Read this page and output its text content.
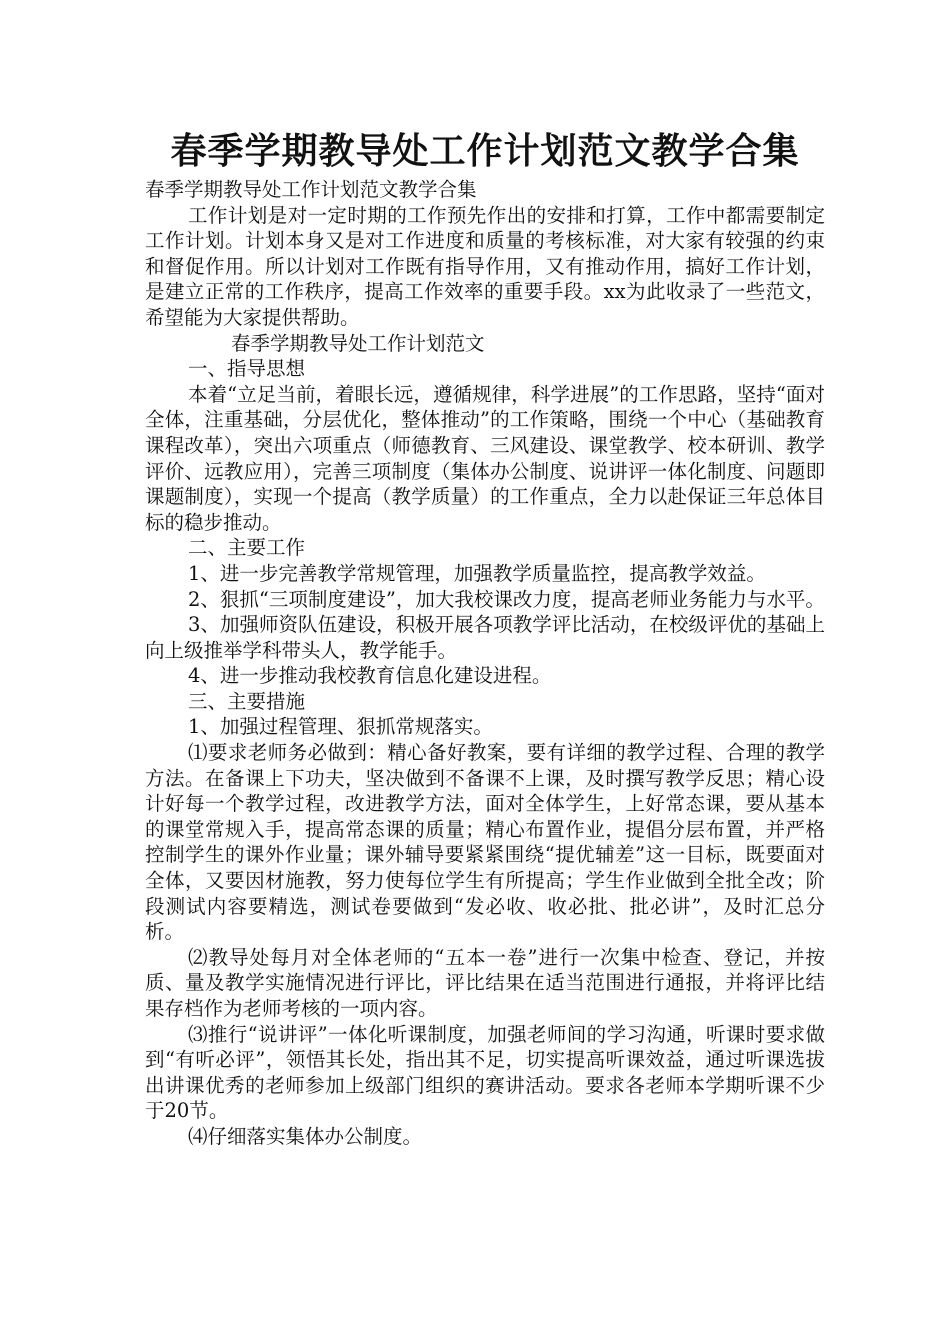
春季学期教导处工作计划范文教学合集

春季学期教导处工作计划范文教学合集

工作计划是对一定时期的工作预先作出的安排和打算，工作中都需要制定工作计划。计划本身又是对工作进度和质量的考核标准，对大家有较强的约束和督促作用。所以计划对工作既有指导作用，又有推动作用，搞好工作计划，是建立正常的工作秩序，提高工作效率的重要手段。xx为此收录了一些范文，希望能为大家提供帮助。

春季学期教导处工作计划范文

一、指导思想

本着“立足当前，着眼长远，遵循规律，科学进展”的工作思路，坚持“面对全体，注重基础，分层优化，整体推动”的工作策略，围绕一个中心（基础教育课程改革），突出六项重点（师德教育、三风建设、课堂教学、校本研训、教学评价、远教应用），完善三项制度（集体办公制度、说讲评一体化制度、问题即课题制度），实现一个提高（教学质量）的工作重点，全力以赴保证三年总体目标的稳步推动。

二、主要工作

1、进一步完善教学常规管理，加强教学质量监控，提高教学效益。

2、狠抓“三项制度建设”，加大我校课改力度，提高老师业务能力与水平。

3、加强师资队伍建设，积极开展各项教学评比活动，在校级评优的基础上向上级推举学科带头人，教学能手。

4、进一步推动我校教育信息化建设进程。

三、主要措施

1、加强过程管理、狠抓常规落实。

⑴要求老师务必做到：精心备好教案，要有详细的教学过程、合理的教学方法。在备课上下功夫，坚决做到不备课不上课，及时撰写教学反思；精心设计好每一个教学过程，改进教学方法，面对全体学生，上好常态课，要从基本的课堂常规入手，提高常态课的质量；精心布置作业，提倡分层布置，并严格控制学生的课外作业量；课外辅导要紧紧围绕“提优辅差”这一目标，既要面对全体，又要因材施教，努力使每位学生有所提高；学生作业做到全批全改；阶段测试内容要精选，测试卷要做到“发必收、收必批、批必讲”，及时汇总分析。

⑵教导处每月对全体老师的“五本一卷”进行一次集中检查、登记，并按质、量及教学实施情况进行评比，评比结果在适当范围进行通报，并将评比结果存档作为老师考核的一项内容。

⑶推行“说讲评”一体化听课制度，加强老师间的学习沟通，听课时要求做到“有听必评”，领悟其长处，指出其不足，切实提高听课效益，通过听课选拔出讲课优秀的老师参加上级部门组织的赛讲活动。要求各老师本学期听课不少于20节。

⑷仔细落实集体办公制度。
